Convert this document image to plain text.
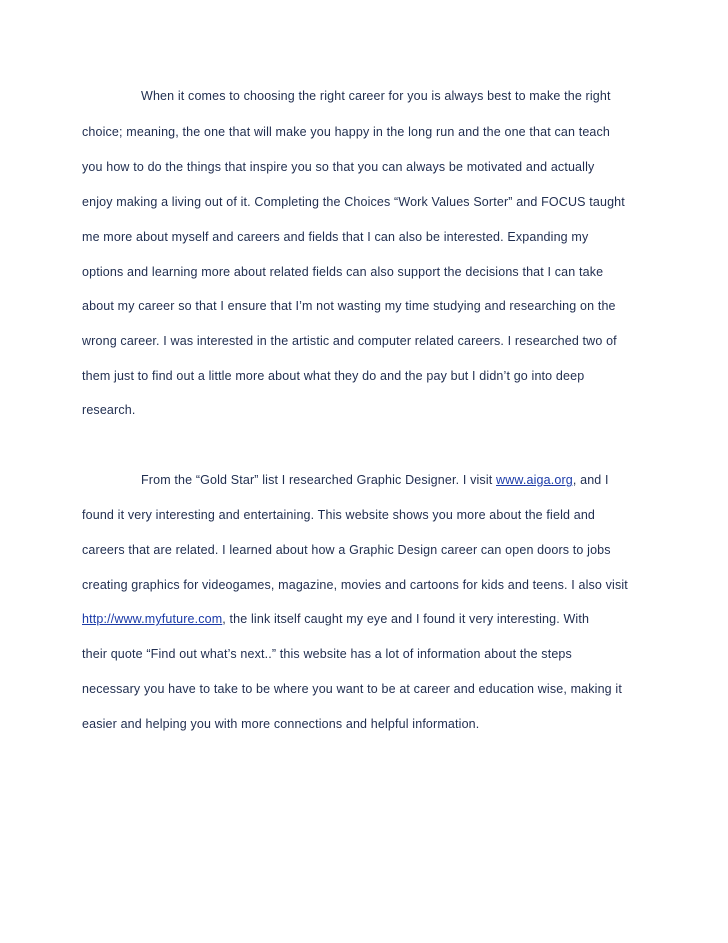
When it comes to choosing the right career for you is always best to make the right
choice; meaning, the one that will make you happy in the long run and the one that can teach
you how to do the things that inspire you so that you can always be motivated and actually
enjoy making a living out of it. Completing the Choices “Work Values Sorter” and FOCUS taught
me more about myself and careers and fields that I can also be interested. Expanding my
options and learning more about related fields can also support the decisions that I can take
about my career so that I ensure that I’m not wasting my time studying and researching on the
wrong career. I was interested in the artistic and computer related careers. I researched two of
them just to find out a little more about what they do and the pay but I didn’t go into deep
research.
From the “Gold Star” list I researched Graphic Designer. I visit www.aiga.org, and I
found it very interesting and entertaining. This website shows you more about the field and
careers that are related. I learned about how a Graphic Design career can open doors to jobs
creating graphics for videogames, magazine, movies and cartoons for kids and teens. I also visit
http://www.myfuture.com, the link itself caught my eye and I found it very interesting. With
their quote “Find out what’s next..” this website has a lot of information about the steps
necessary you have to take to be where you want to be at career and education wise, making it
easier and helping you with more connections and helpful information.
